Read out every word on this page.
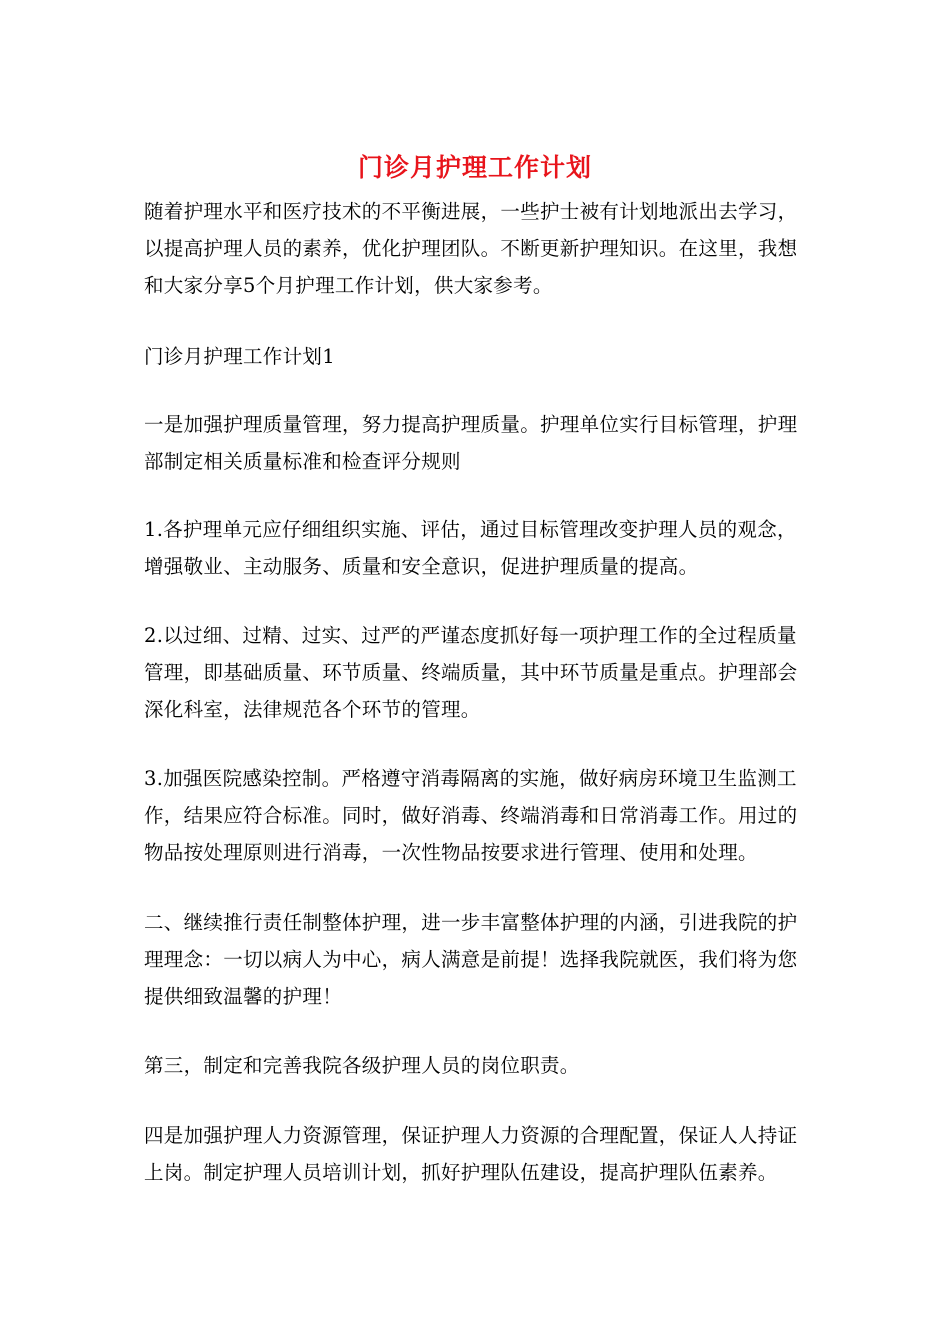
门诊月护理工作计划

随着护理水平和医疗技术的不平衡进展，一些护士被有计划地派出去学习，以提高护理人员的素养，优化护理团队。不断更新护理知识。在这里，我想和大家分享5个月护理工作计划，供大家参考。

门诊月护理工作计划1

一是加强护理质量管理，努力提高护理质量。护理单位实行目标管理，护理部制定相关质量标准和检查评分规则

1.各护理单元应仔细组织实施、评估，通过目标管理改变护理人员的观念，增强敬业、主动服务、质量和安全意识，促进护理质量的提高。

2.以过细、过精、过实、过严的严谨态度抓好每一项护理工作的全过程质量管理，即基础质量、环节质量、终端质量，其中环节质量是重点。护理部会深化科室，法律规范各个环节的管理。

3.加强医院感染控制。严格遵守消毒隔离的实施，做好病房环境卫生监测工作，结果应符合标准。同时，做好消毒、终端消毒和日常消毒工作。用过的物品按处理原则进行消毒，一次性物品按要求进行管理、使用和处理。

二、继续推行责任制整体护理，进一步丰富整体护理的内涵，引进我院的护理理念：一切以病人为中心，病人满意是前提！选择我院就医，我们将为您提供细致温馨的护理！

第三，制定和完善我院各级护理人员的岗位职责。

四是加强护理人力资源管理，保证护理人力资源的合理配置，保证人人持证上岗。制定护理人员培训计划，抓好护理队伍建设，提高护理队伍素养。
